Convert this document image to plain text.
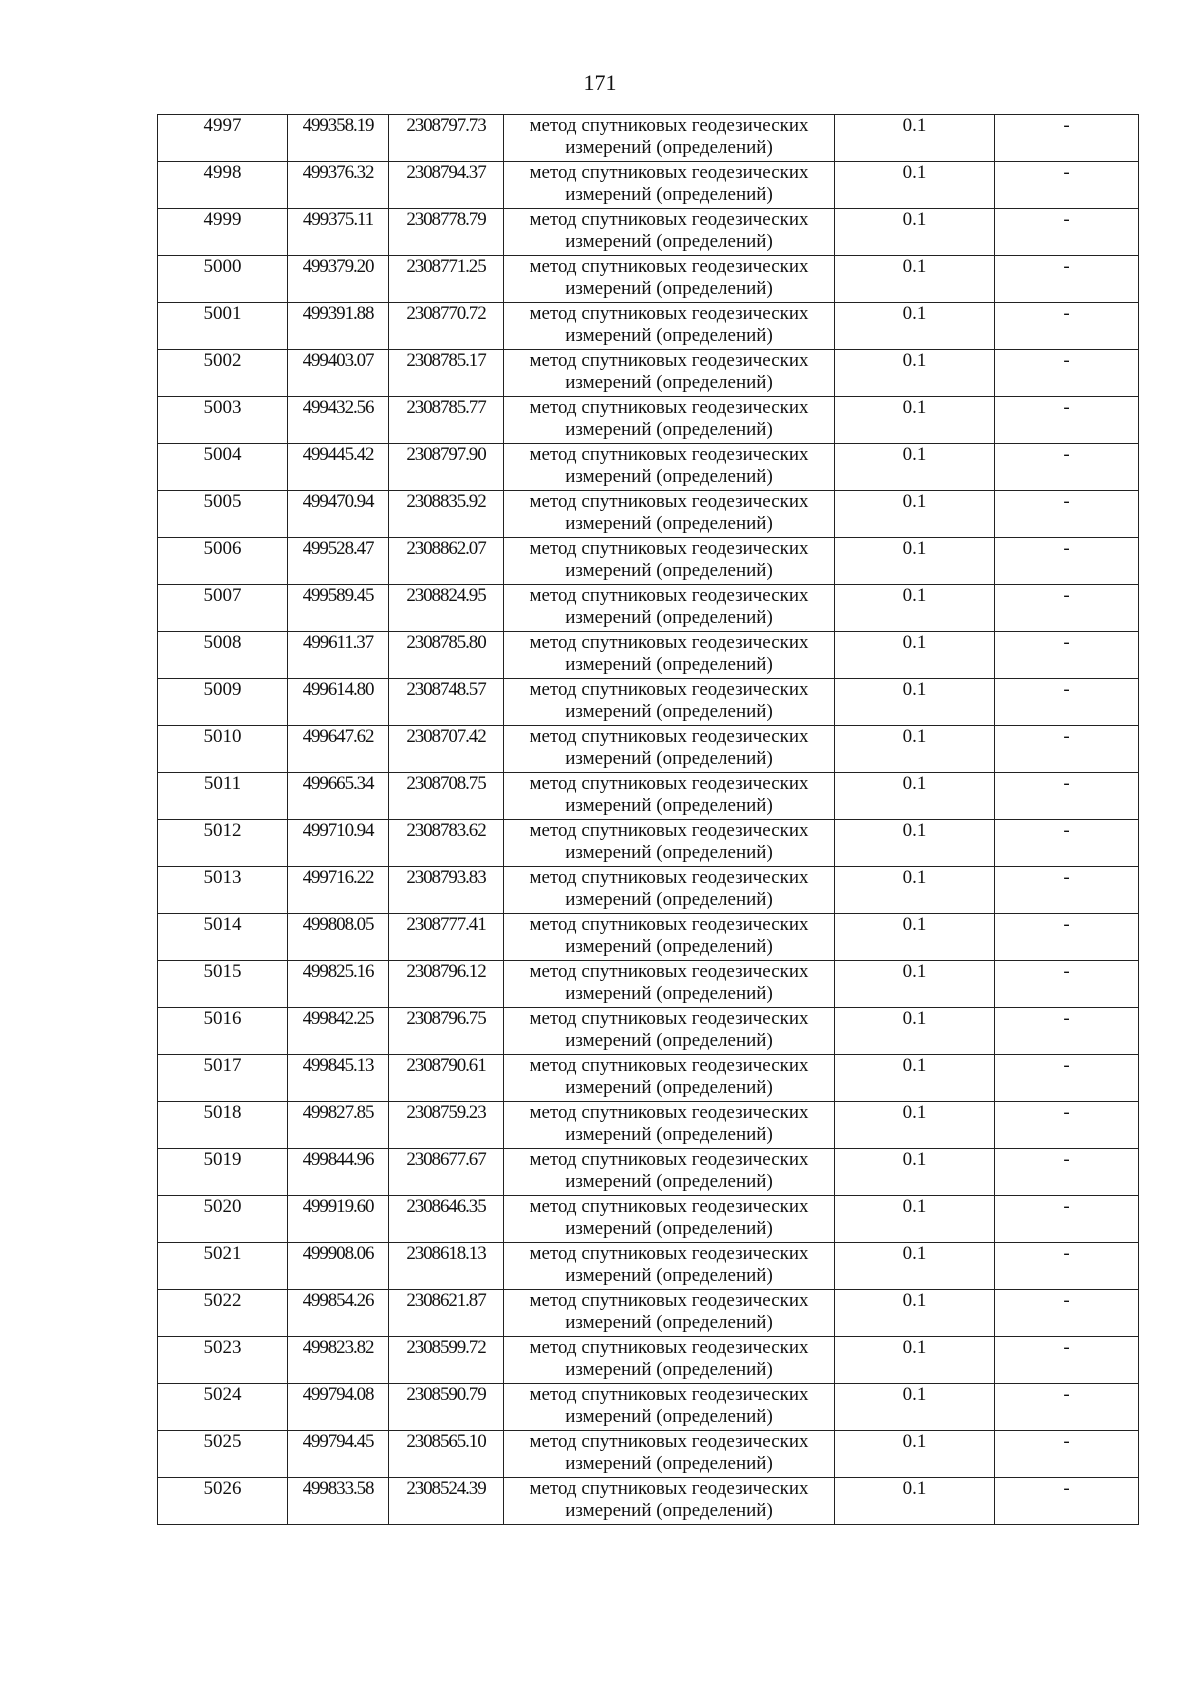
171
4997	499358.19	2308797.73	метод спутниковых геодезических
измерений (определений)	0.1	-
4998	499376.32	2308794.37	метод спутниковых геодезических
измерений (определений)	0.1	-
4999	499375.11	2308778.79	метод спутниковых геодезических
измерений (определений)	0.1	-
5000	499379.20	2308771.25	метод спутниковых геодезических
измерений (определений)	0.1	-
5001	499391.88	2308770.72	метод спутниковых геодезических
измерений (определений)	0.1	-
5002	499403.07	2308785.17	метод спутниковых геодезических
измерений (определений)	0.1	-
5003	499432.56	2308785.77	метод спутниковых геодезических
измерений (определений)	0.1	-
5004	499445.42	2308797.90	метод спутниковых геодезических
измерений (определений)	0.1	-
5005	499470.94	2308835.92	метод спутниковых геодезических
измерений (определений)	0.1	-
5006	499528.47	2308862.07	метод спутниковых геодезических
измерений (определений)	0.1	-
5007	499589.45	2308824.95	метод спутниковых геодезических
измерений (определений)	0.1	-
5008	499611.37	2308785.80	метод спутниковых геодезических
измерений (определений)	0.1	-
5009	499614.80	2308748.57	метод спутниковых геодезических
измерений (определений)	0.1	-
5010	499647.62	2308707.42	метод спутниковых геодезических
измерений (определений)	0.1	-
5011	499665.34	2308708.75	метод спутниковых геодезических
измерений (определений)	0.1	-
5012	499710.94	2308783.62	метод спутниковых геодезических
измерений (определений)	0.1	-
5013	499716.22	2308793.83	метод спутниковых геодезических
измерений (определений)	0.1	-
5014	499808.05	2308777.41	метод спутниковых геодезических
измерений (определений)	0.1	-
5015	499825.16	2308796.12	метод спутниковых геодезических
измерений (определений)	0.1	-
5016	499842.25	2308796.75	метод спутниковых геодезических
измерений (определений)	0.1	-
5017	499845.13	2308790.61	метод спутниковых геодезических
измерений (определений)	0.1	-
5018	499827.85	2308759.23	метод спутниковых геодезических
измерений (определений)	0.1	-
5019	499844.96	2308677.67	метод спутниковых геодезических
измерений (определений)	0.1	-
5020	499919.60	2308646.35	метод спутниковых геодезических
измерений (определений)	0.1	-
5021	499908.06	2308618.13	метод спутниковых геодезических
измерений (определений)	0.1	-
5022	499854.26	2308621.87	метод спутниковых геодезических
измерений (определений)	0.1	-
5023	499823.82	2308599.72	метод спутниковых геодезических
измерений (определений)	0.1	-
5024	499794.08	2308590.79	метод спутниковых геодезических
измерений (определений)	0.1	-
5025	499794.45	2308565.10	метод спутниковых геодезических
измерений (определений)	0.1	-
5026	499833.58	2308524.39	метод спутниковых геодезических
измерений (определений)	0.1	-
